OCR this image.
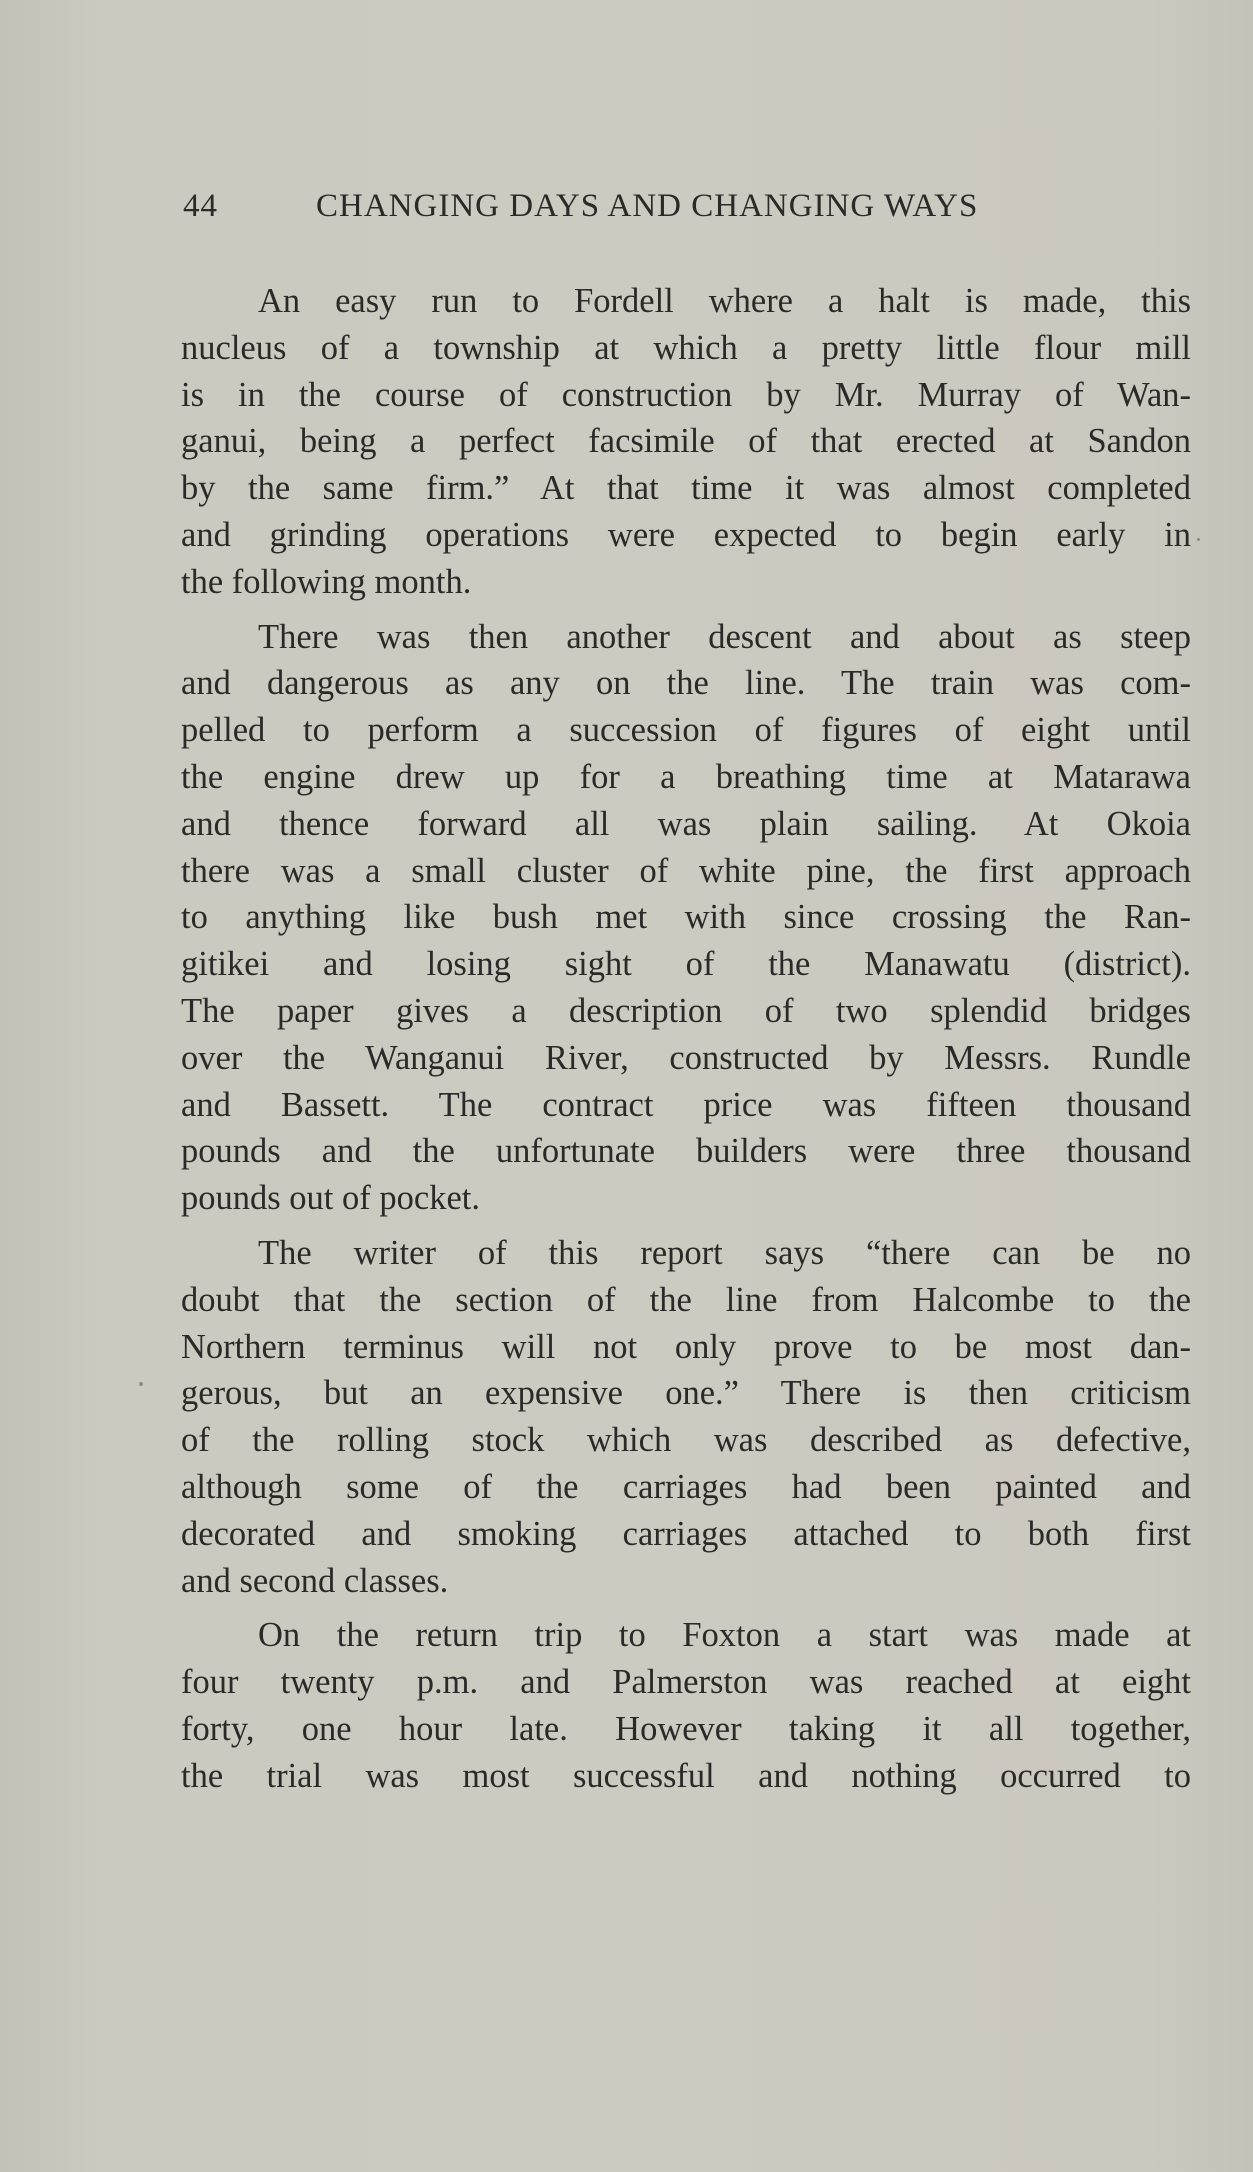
44	CHANGING DAYS AND CHANGING WAYS

An easy run to Fordell where a halt is made, this
nucleus of a township at which a pretty little flour mill
is in the course of construction by Mr. Murray of Wan-
ganui, being a perfect facsimile of that erected at Sandon
by the same firm.” At that time it was almost completed
and grinding operations were expected to begin early in
the following month.

There was then another descent and about as steep
and dangerous as any on the line. The train was com-
pelled to perform a succession of figures of eight until
the engine drew up for a breathing time at Matarawa
and thence forward all was plain sailing. At Okoia
there was a small cluster of white pine, the first approach
to anything like bush met with since crossing the Ran-
gitikei and losing sight of the Manawatu (district).
The paper gives a description of two splendid bridges
over the Wanganui River, constructed by Messrs. Rundle
and Bassett. The contract price was fifteen thousand
pounds and the unfortunate builders were three thousand
pounds out of pocket.

The writer of this report says “there can be no
doubt that the section of the line from Halcombe to the
Northern terminus will not only prove to be most dan-
gerous, but an expensive one.” There is then criticism
of the rolling stock which was described as defective,
although some of the carriages had been painted and
decorated and smoking carriages attached to both first
and second classes.

On the return trip to Foxton a start was made at
four twenty p.m. and Palmerston was reached at eight
forty, one hour late. However taking it all together,
the trial was most successful and nothing occurred to
